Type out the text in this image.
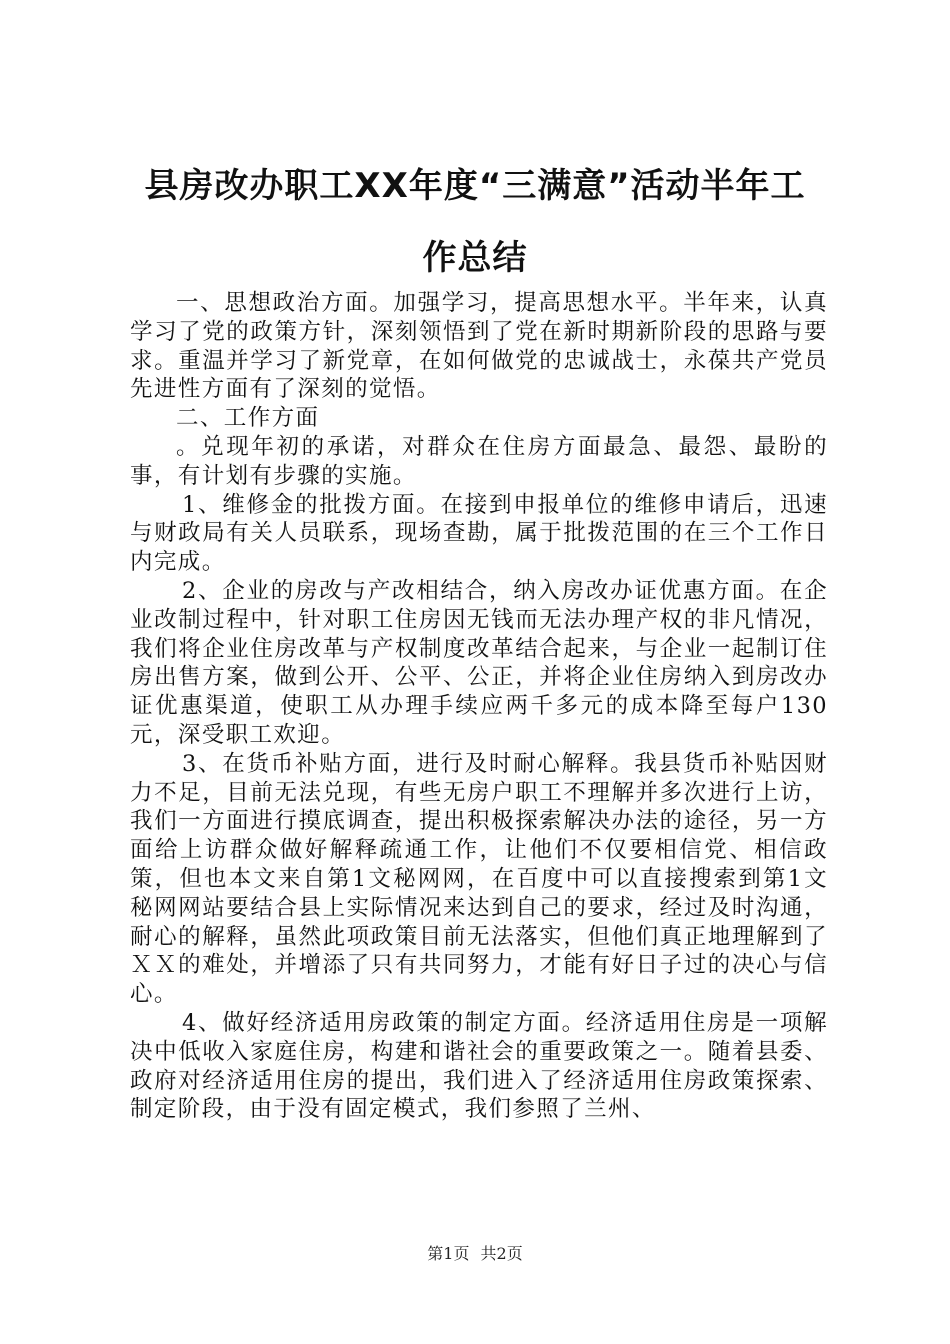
县房改办职工XX年度“三满意”活动半年工
作总结

一、思想政治方面。加强学习，提高思想水平。半年来，认真学习了党的政策方针，深刻领悟到了党在新时期新阶段的思路与要求。重温并学习了新党章，在如何做党的忠诚战士，永葆共产党员先进性方面有了深刻的觉悟。

二、工作方面

。兑现年初的承诺，对群众在住房方面最急、最怨、最盼的事，有计划有步骤的实施。

1、维修金的批拨方面。在接到申报单位的维修申请后，迅速与财政局有关人员联系，现场查勘，属于批拨范围的在三个工作日内完成。

2、企业的房改与产改相结合，纳入房改办证优惠方面。在企业改制过程中，针对职工住房因无钱而无法办理产权的非凡情况，我们将企业住房改革与产权制度改革结合起来，与企业一起制订住房出售方案，做到公开、公平、公正，并将企业住房纳入到房改办证优惠渠道，使职工从办理手续应两千多元的成本降至每户130元，深受职工欢迎。

3、在货币补贴方面，进行及时耐心解释。我县货币补贴因财力不足，目前无法兑现，有些无房户职工不理解并多次进行上访，我们一方面进行摸底调查，提出积极探索解决办法的途径，另一方面给上访群众做好解释疏通工作，让他们不仅要相信党、相信政策，但也本文来自第1文秘网网，在百度中可以直接搜索到第1文秘网网站要结合县上实际情况来达到自己的要求，经过及时沟通，耐心的解释，虽然此项政策目前无法落实，但他们真正地理解到了ＸＸ的难处，并增添了只有共同努力，才能有好日子过的决心与信心。

4、做好经济适用房政策的制定方面。经济适用住房是一项解决中低收入家庭住房，构建和谐社会的重要政策之一。随着县委、政府对经济适用住房的提出，我们进入了经济适用住房政策探索、制定阶段，由于没有固定模式，我们参照了兰州、

第1页 共2页
